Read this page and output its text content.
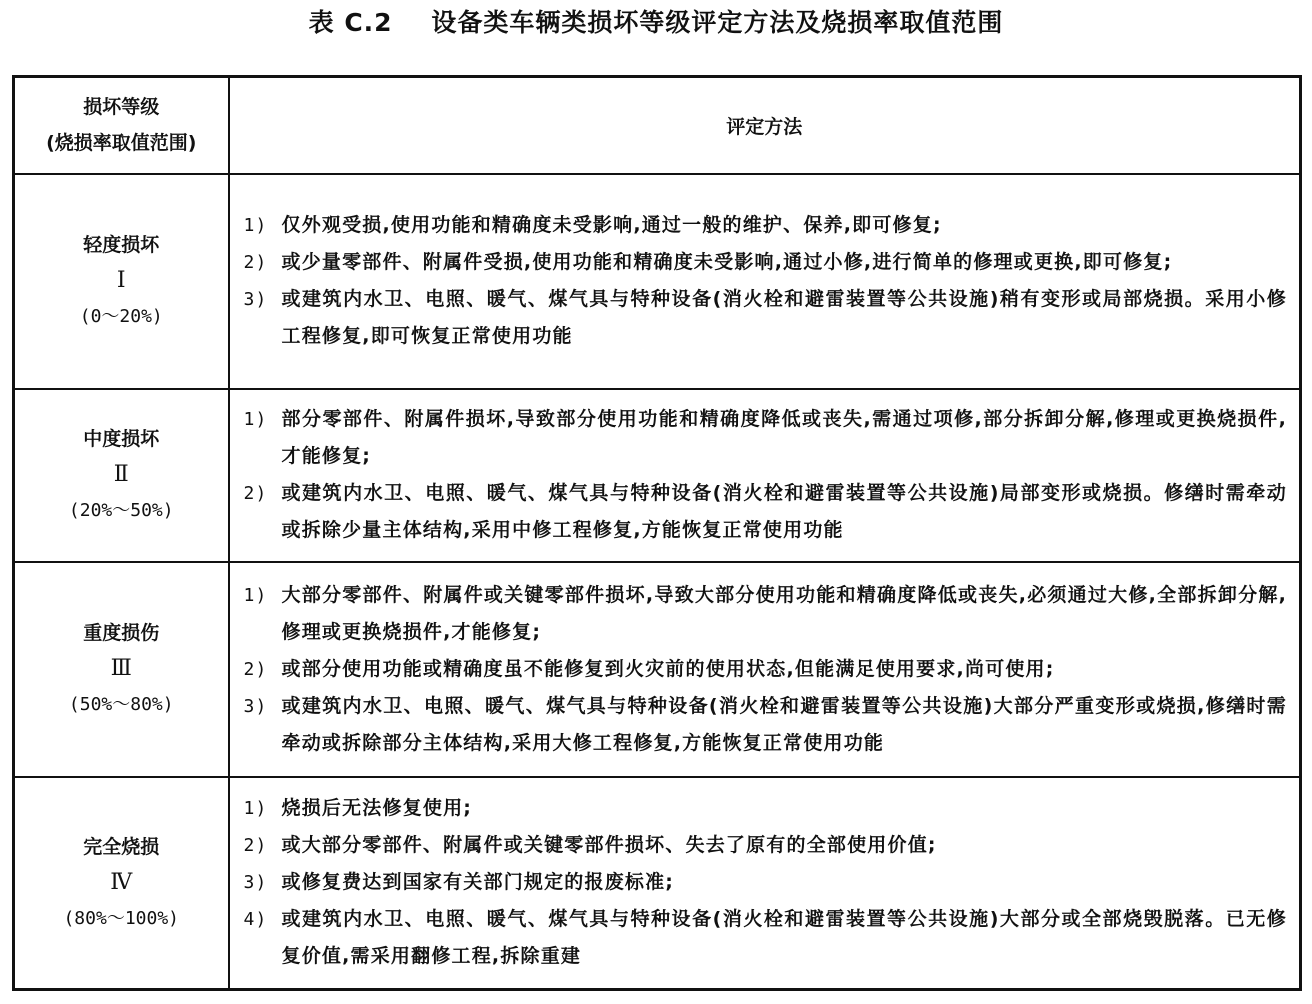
表 C.2    设备类车辆类损坏等级评定方法及烧损率取值范围
损坏等级
(烧损率取值范围)	评定方法

轻度损坏
Ⅰ
(0～20%)

1) 仅外观受损,使用功能和精确度未受影响,通过一般的维护、保养,即可修复;
2) 或少量零部件、附属件受损,使用功能和精确度未受影响,通过小修,进行简单的修理或更换,即可修复;
3) 或建筑内水卫、电照、暖气、煤气具与特种设备(消火栓和避雷装置等公共设施)稍有变形或局部烧损。采用小修工程修复,即可恢复正常使用功能

中度损坏
Ⅱ
(20%～50%)

1) 部分零部件、附属件损坏,导致部分使用功能和精确度降低或丧失,需通过项修,部分拆卸分解,修理或更换烧损件,才能修复;
2) 或建筑内水卫、电照、暖气、煤气具与特种设备(消火栓和避雷装置等公共设施)局部变形或烧损。修缮时需牵动或拆除少量主体结构,采用中修工程修复,方能恢复正常使用功能

重度损伤
Ⅲ
(50%～80%)

1) 大部分零部件、附属件或关键零部件损坏,导致大部分使用功能和精确度降低或丧失,必须通过大修,全部拆卸分解,修理或更换烧损件,才能修复;
2) 或部分使用功能或精确度虽不能修复到火灾前的使用状态,但能满足使用要求,尚可使用;
3) 或建筑内水卫、电照、暖气、煤气具与特种设备(消火栓和避雷装置等公共设施)大部分严重变形或烧损,修缮时需牵动或拆除部分主体结构,采用大修工程修复,方能恢复正常使用功能

完全烧损
Ⅳ
(80%～100%)

1) 烧损后无法修复使用;
2) 或大部分零部件、附属件或关键零部件损坏、失去了原有的全部使用价值;
3) 或修复费达到国家有关部门规定的报废标准;
4) 或建筑内水卫、电照、暖气、煤气具与特种设备(消火栓和避雷装置等公共设施)大部分或全部烧毁脱落。已无修复价值,需采用翻修工程,拆除重建
